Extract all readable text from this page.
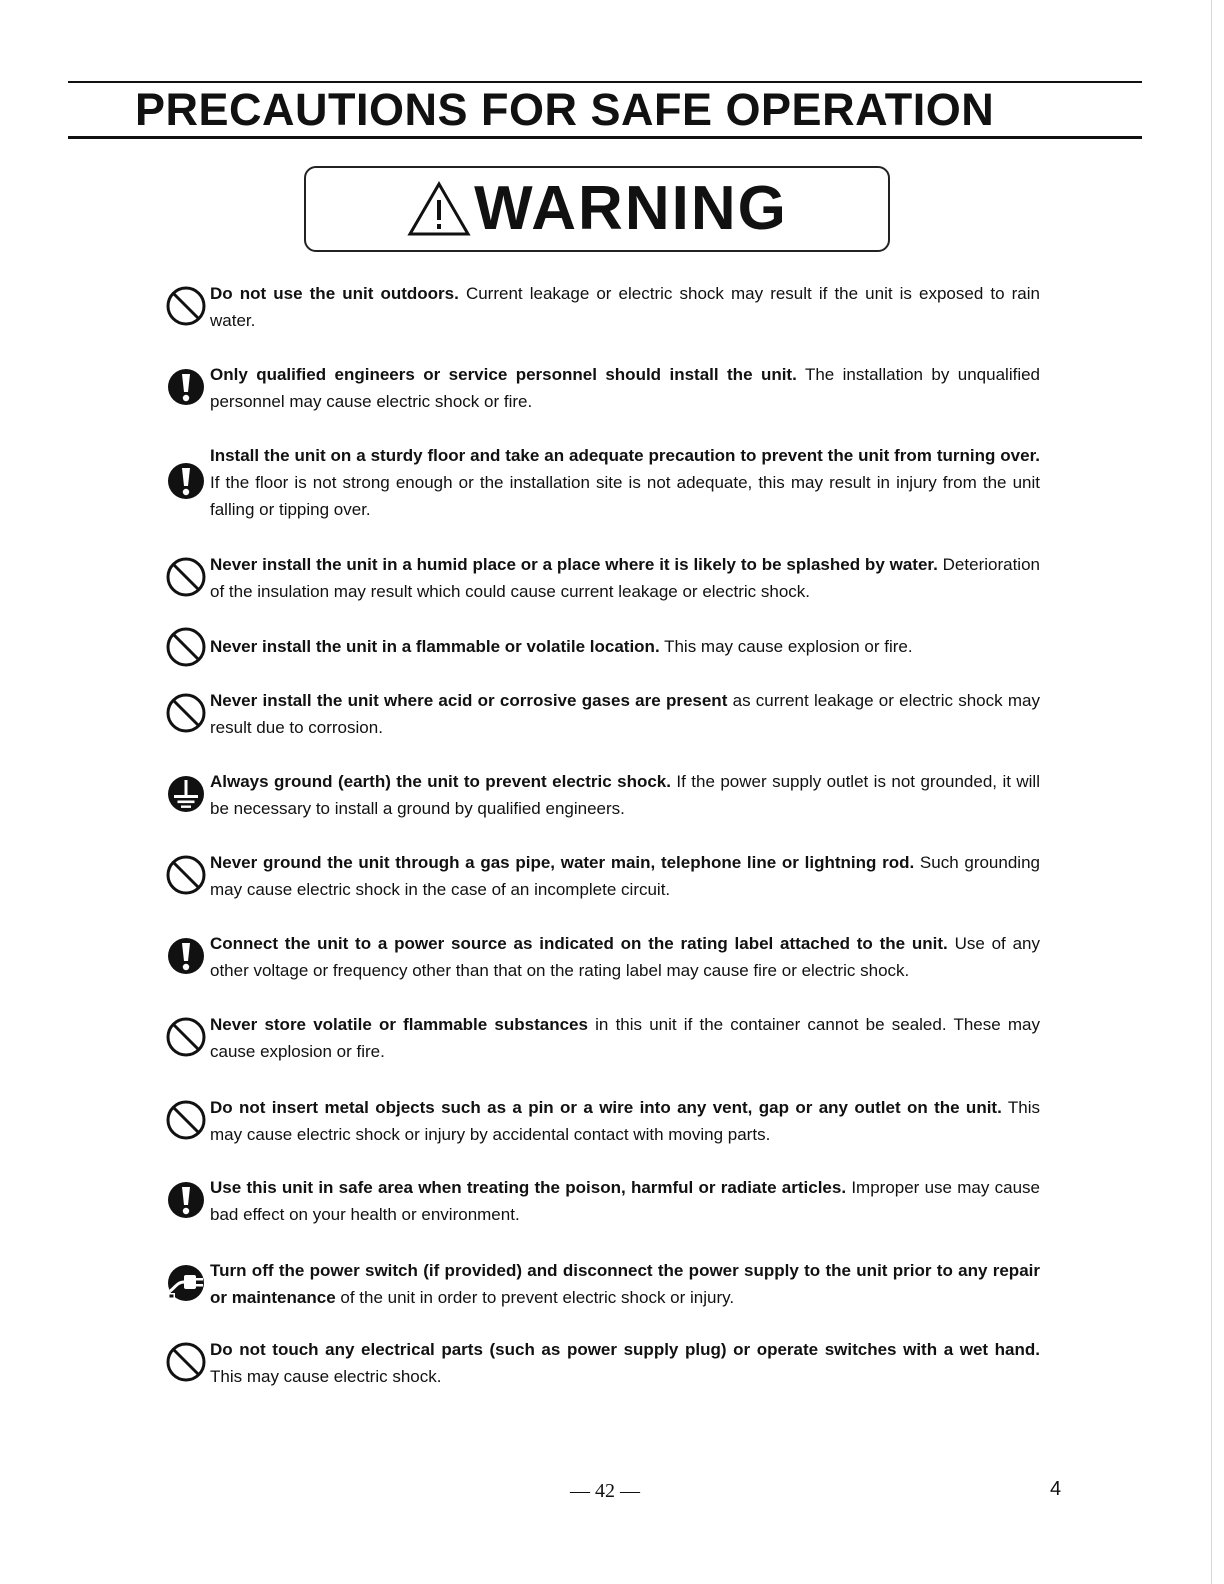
PRECAUTIONS FOR SAFE OPERATION
WARNING

Do not use the unit outdoors. Current leakage or electric shock may result if the unit is exposed to rain water.

Only qualified engineers or service personnel should install the unit. The installation by unqualified personnel may cause electric shock or fire.

Install the unit on a sturdy floor and take an adequate precaution to prevent the unit from turning over. If the floor is not strong enough or the installation site is not adequate, this may result in injury from the unit falling or tipping over.

Never install the unit in a humid place or a place where it is likely to be splashed by water. Deterioration of the insulation may result which could cause current leakage or electric shock.

Never install the unit in a flammable or volatile location. This may cause explosion or fire.

Never install the unit where acid or corrosive gases are present as current leakage or electric shock may result due to corrosion.

Always ground (earth) the unit to prevent electric shock. If the power supply outlet is not grounded, it will be necessary to install a ground by qualified engineers.

Never ground the unit through a gas pipe, water main, telephone line or lightning rod. Such grounding may cause electric shock in the case of an incomplete circuit.

Connect the unit to a power source as indicated on the rating label attached to the unit. Use of any other voltage or frequency other than that on the rating label may cause fire or electric shock.

Never store volatile or flammable substances in this unit if the container cannot be sealed. These may cause explosion or fire.

Do not insert metal objects such as a pin or a wire into any vent, gap or any outlet on the unit. This may cause electric shock or injury by accidental contact with moving parts.

Use this unit in safe area when treating the poison, harmful or radiate articles. Improper use may cause bad effect on your health or environment.

Turn off the power switch (if provided) and disconnect the power supply to the unit prior to any repair or maintenance of the unit in order to prevent electric shock or injury.

Do not touch any electrical parts (such as power supply plug) or operate switches with a wet hand. This may cause electric shock.

— 42 —	4
